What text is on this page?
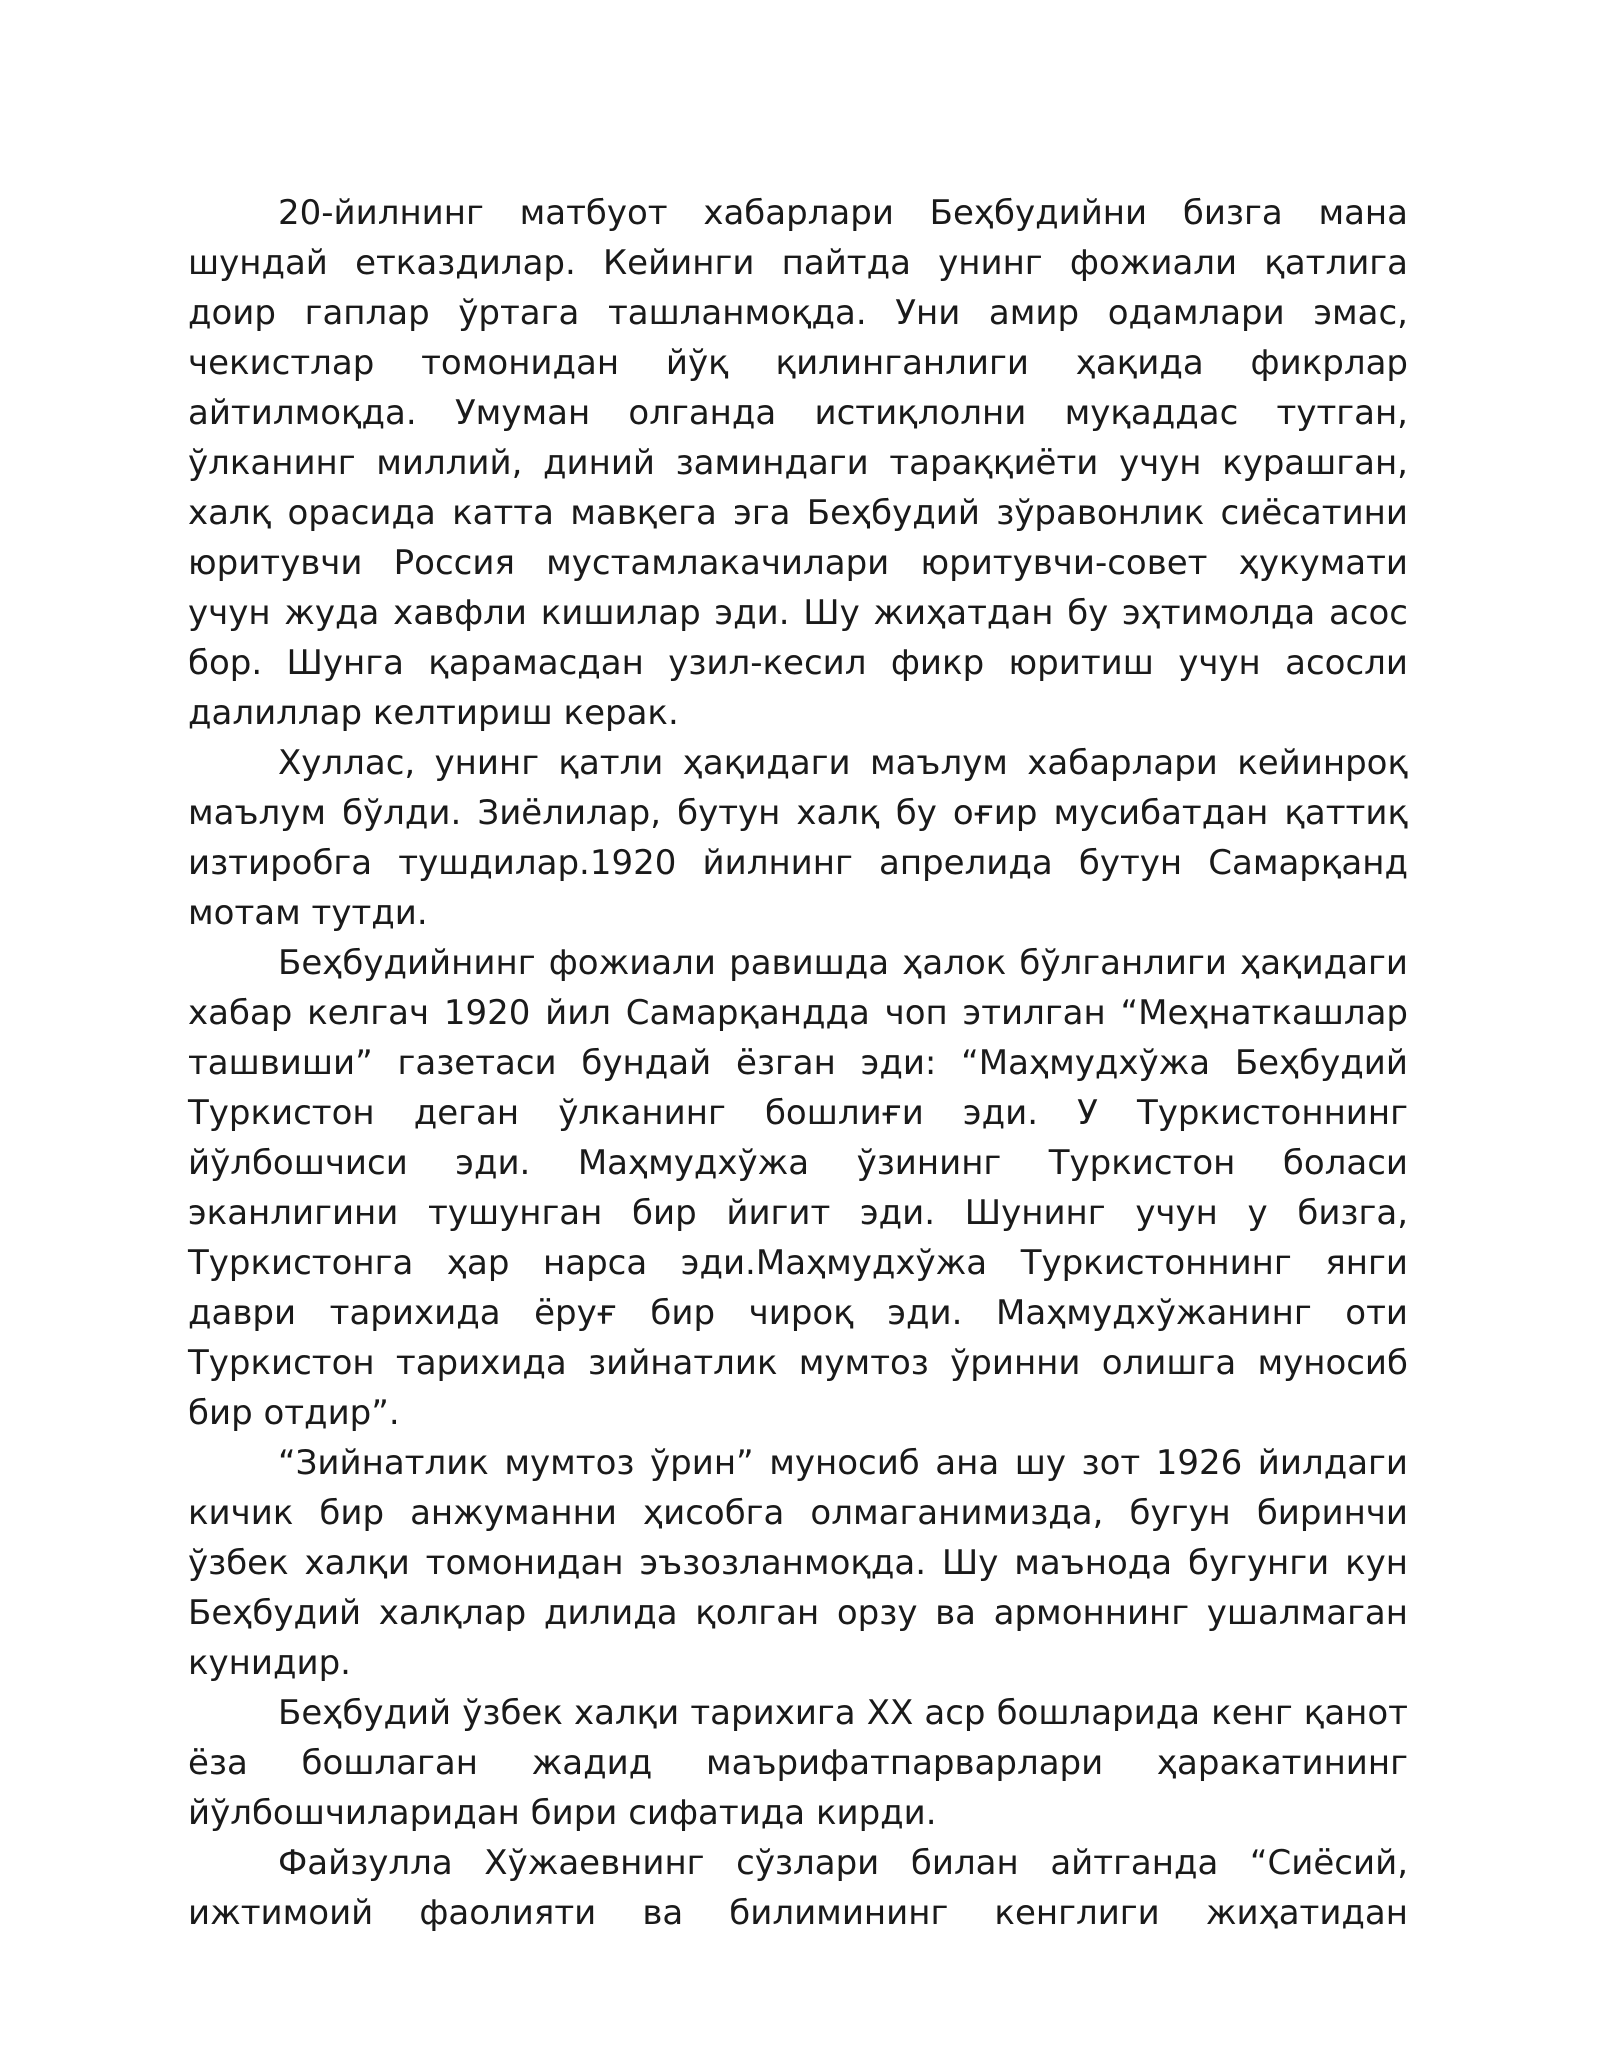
20-йилнинг матбуот хабарлари Беҳбудийни бизга мана шундай етказдилар. Кейинги пайтда унинг фожиали қатлига доир гаплар ўртага ташланмоқда. Уни амир одамлари эмас, чекистлар томонидан йўқ қилинганлиги ҳақида фикрлар айтилмоқда. Умуман олганда истиқлолни муқаддас тутган, ўлканинг миллий, диний заминдаги тараққиёти учун курашган, халқ орасида катта мавқега эга Беҳбудий зўравонлик сиёсатини юритувчи Россия мустамлакачилари юритувчи-совет ҳукумати учун жуда хавфли кишилар эди. Шу жиҳатдан бу эҳтимолда асос бор. Шунга қарамасдан узил-кесил фикр юритиш учун асосли далиллар келтириш керак.

Хуллас, унинг қатли ҳақидаги маълум хабарлари кейинроқ маълум бўлди. Зиёлилар, бутун халқ бу оғир мусибатдан қаттиқ изтиробга тушдилар.1920 йилнинг апрелида бутун Самарқанд мотам тутди.

Беҳбудийнинг фожиали равишда ҳалок бўлганлиги ҳақидаги хабар келгач 1920 йил Самарқандда чоп этилган “Меҳнаткашлар ташвиши” газетаси бундай ёзган эди: “Маҳмудхўжа Беҳбудий Туркистон деган ўлканинг бошлиғи эди. У Туркистоннинг йўлбошчиси эди. Маҳмудхўжа ўзининг Туркистон боласи эканлигини тушунган бир йигит эди. Шунинг учун у бизга, Туркистонга ҳар нарса эди.Маҳмудхўжа Туркистоннинг янги даври тарихида ёруғ бир чироқ эди. Маҳмудхўжанинг оти Туркистон тарихида зийнатлик мумтоз ўринни олишга муносиб бир отдир”.

“Зийнатлик мумтоз ўрин” муносиб ана шу зот 1926 йилдаги кичик бир анжуманни ҳисобга олмаганимизда, бугун биринчи ўзбек халқи томонидан эъзозланмоқда. Шу маънода бугунги кун Беҳбудий халқлар дилида қолган орзу ва армоннинг ушалмаган кунидир.

Беҳбудий ўзбек халқи тарихига XX аср бошларида кенг қанот ёза бошлаган жадид маърифатпарварлари ҳаракатининг йўлбошчиларидан бири сифатида кирди.

Файзулла Хўжаевнинг сўзлари билан айтганда “Сиёсий, ижтимоий фаолияти ва билимининг кенглиги жиҳатидан
